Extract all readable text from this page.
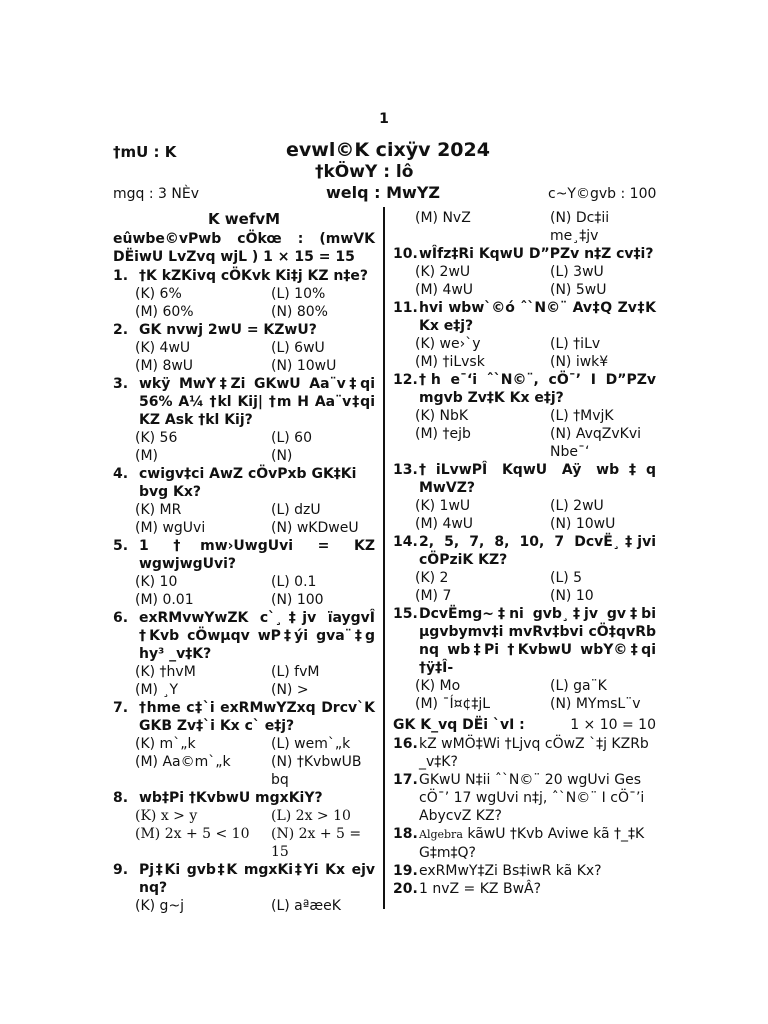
1
†mU : K	evwl©K cixÿv 2024
†kÖwY : lô
mgq : 3 NÈv	welq : MwYZ	c~Y©gvb : 100
K wefvM
eûwbe©vPwb cÖkœ : (mwVK DËiwU LvZvq wjL ) 1 × 15 = 15
1. †K kZKivq cÖKvk Ki‡j KZ n‡e?
(K) 6%	(L) 10%
(M) 60%	(N) 80%
2. GK nvwj 2wU = KZwU?
(K) 4wU	(L) 6wU
(M) 8wU	(N) 10wU
3. wkÿ MwY‡Zi GKwU Aa¨v‡qi 56% A¼ †kl Kij| †m H Aa¨v‡qi KZ Ask †kl Kij?
(K) 56	(L) 60
(M)	(N)
4. cwigv‡ci AwZ cÖvPxb GK‡Ki bvg Kx?
(K) MR	(L) dzU
(M) wgUvi	(N) wKDweU
5. 1 †mw›UwgUvi = KZ wgwjwgUvi?
(K) 10	(L) 0.1
(M) 0.01	(N) 100
6. exRMvwYwZK c`¸‡jv ïaygvÎ †Kvb cÖwµqv wP‡ýi gva¨‡g hy³ _v‡K?
(K) †hvM	(L) fvM
(M) ¸Y	(N) >
7. †hme c‡`i exRMwYZxq Drcv`K GKB Zv‡`i Kx c` e‡j?
(K) m`„k	(L) wem`„k
(M) Aa©m`„k	(N) †KvbwUB bq
8. wb‡Pi †KvbwU mgxKiY?
(K) x > y	(L) 2x > 10
(M) 2x + 5 < 10	(N) 2x + 5 = 15
9. Pj‡Ki gvb‡K mgxKi‡Yi Kx ejv nq?
(K) g~j	(L) aªæeK
(M) NvZ	(N) Dc‡ii me¸‡jv
10. wÎfz‡Ri KqwU D”PZv n‡Z cv‡i?
(K) 2wU	(L) 3wU
(M) 4wU	(N) 5wU
11. hvi wbw`©ó ˆ`N©¨ Av‡Q Zv‡K Kx e‡j?
(K) we›`y	(L) †iLv
(M) †iLvsk	(N) iwk¥
12. †h e¯‘i ˆ`N©¨, cÖ¯’ I D”PZv mgvb Zv‡K Kx e‡j?
(K) NbK	(L) †MvjK
(M) †ejb	(N) AvqZvKvi Nbe¯‘
13. †iLvwPÎ KqwU Aÿ wb‡q MwVZ?
(K) 1wU	(L) 2wU
(M) 4wU	(N) 10wU
14. 2, 5, 7, 8, 10, 7 DcvË¸‡jvi cÖPziK KZ?
(K) 2	(L) 5
(M) 7	(N) 10
15. DcvËmg~‡ni gvb¸‡jv gv‡bi µgvbymv‡i mvRv‡bvi cÖ‡qvRb nq wb‡Pi †KvbwU wbY©‡qi †ÿ‡Î-
(K) Mo	(L) ga¨K
(M) ¯Í¤¢‡jL	(N) MYmsL¨v
GK K_vq DËi `vI :	1 × 10 = 10
16. kZ wMÖ‡Wi †Ljvq cÖwZ `‡j KZRb _v‡K?
17. GKwU N‡ii ˆ`N©¨ 20 wgUvi Ges cÖ¯’ 17 wgUvi n‡j, ˆ`N©¨ I cÖ¯’i AbycvZ KZ?
18. Algebra kãwU †Kvb Aviwe kã †_‡K G‡m‡Q?
19. exRMwY‡Zi Bs‡iwR kã Kx?
20. 1 nvZ = KZ BwÂ?
